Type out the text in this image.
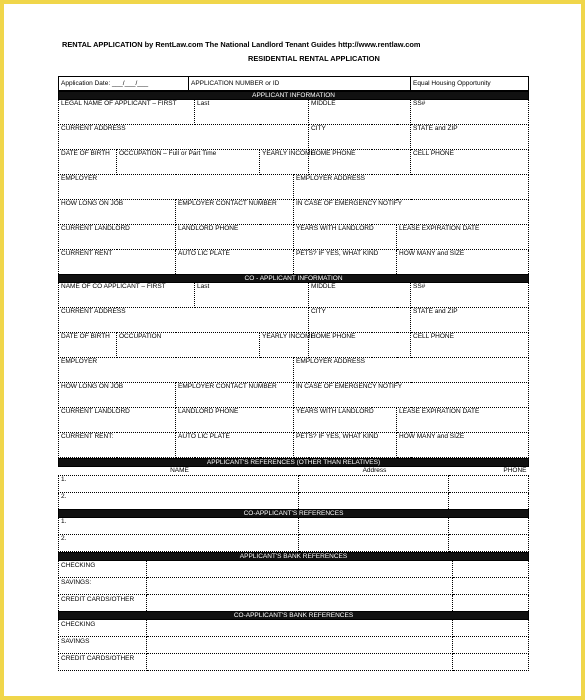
RENTAL APPLICATION by RentLaw.com The National Landlord Tenant Guides http://www.rentlaw.com
RESIDENTIAL RENTAL APPLICATION
Application Date: ___/___/___	APPLICATION NUMBER or ID	Equal Housing Opportunity
APPLICANT INFORMATION								
LEGAL NAME OF APPLICANT – FIRST			Last			MIDDLE		SS#
CURRENT ADDRESS						CITY		STATE and ZIP
DATE OF BIRTH	OCCUPATION – Full or Part Time			YEARLY INCOME		HOME PHONE		CELL PHONE
EMPLOYER					EMPLOYER ADDRESS			
HOW LONG ON JOB		EMPLOYER CONTACT NUMBER			IN CASE OF EMERGENCY NOTIFY			
CURRENT LANDLORD		LANDLORD PHONE			YEARS WITH LANDLORD		LEASE EXPIRATION DATE	
CURRENT RENT		AUTO LIC PLATE			PETS? IF YES, WHAT KIND		HOW MANY and SIZE	
CO - APPLICANT INFORMATION								
NAME OF CO APPLICANT – FIRST			Last			MIDDLE		SS#
CURRENT ADDRESS						CITY		STATE and ZIP
DATE OF BIRTH	OCCUPATION			YEARLY INCOME		HOME PHONE		CELL PHONE
EMPLOYER					EMPLOYER ADDRESS			
HOW LONG ON JOB		EMPLOYER CONTACT NUMBER			IN CASE OF EMERGENCY NOTIFY			
CURRENT LANDLORD		LANDLORD PHONE			YEARS WITH LANDLORD		LEASE EXPIRATION DATE	
CURRENT RENT:		AUTO LIC PLATE			PETS? IF YES, WHAT KIND		HOW MANY and SIZE	
APPLICANT'S REFERENCES (OTHER THAN RELATIVES)		
NAME	Address	PHONE
1.		
2.		
CO-APPLICANT'S REFERENCES		
1.		
2.		
APPLICANT'S BANK REFERENCES		
CHECKING		
SAVINGS:		
CREDIT CARDS/OTHER		
CO-APPLICANT'S BANK REFERENCES		
CHECKING		
SAVINGS		
CREDIT CARDS/OTHER		
